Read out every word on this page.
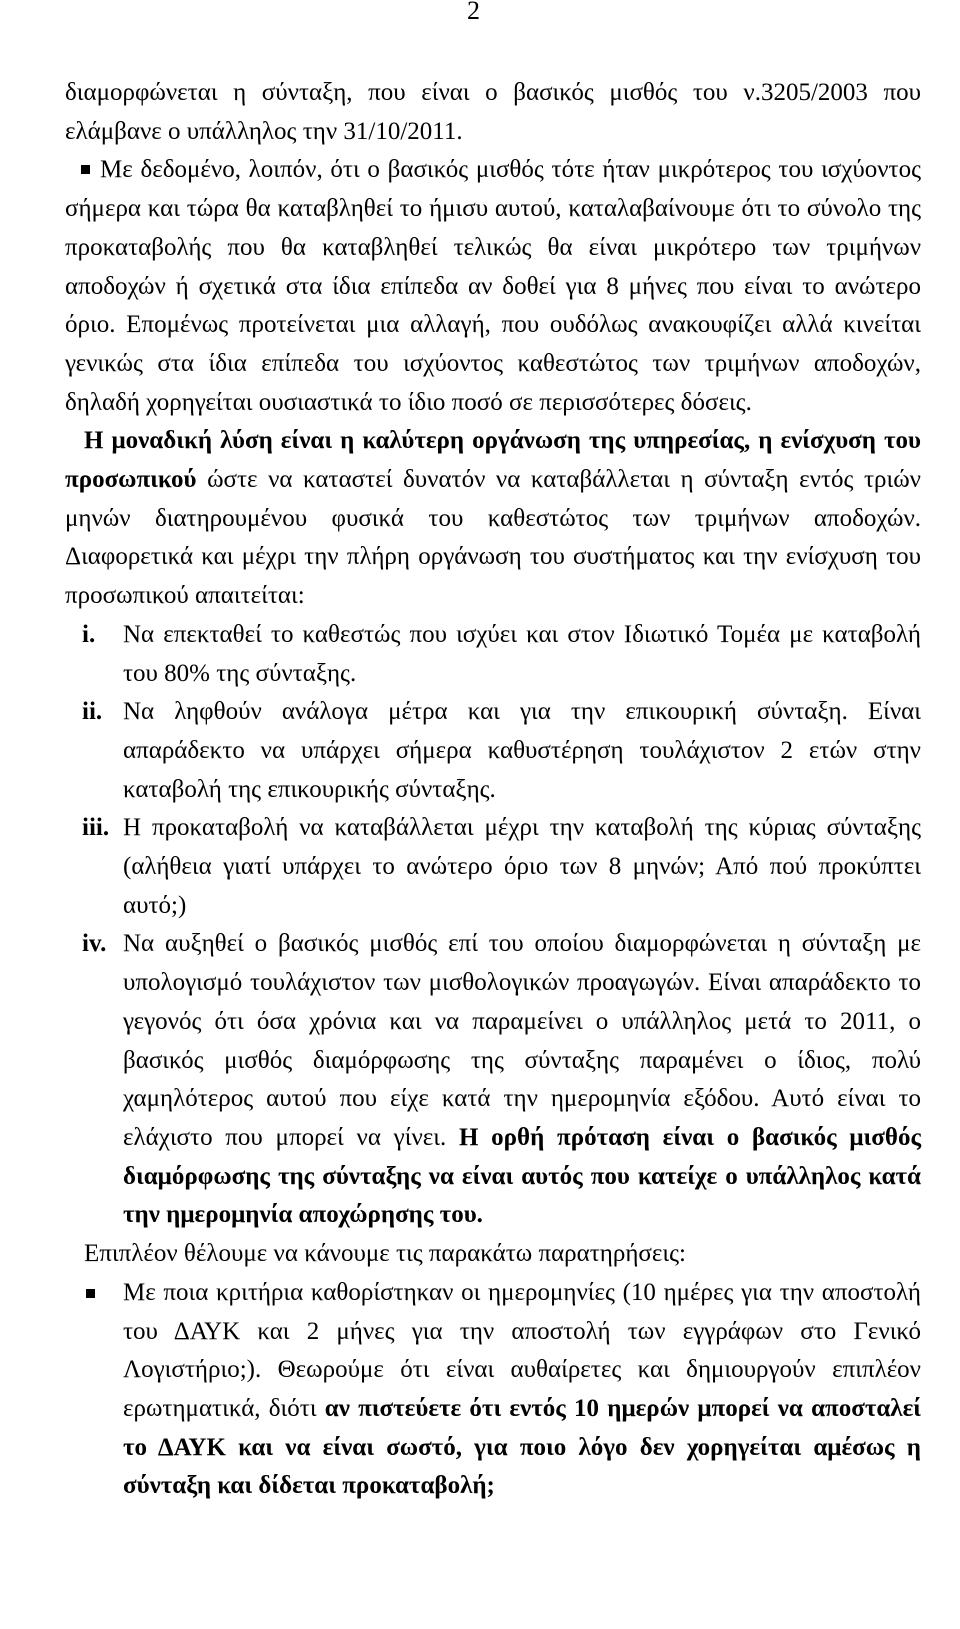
2

διαμορφώνεται η σύνταξη, που είναι ο βασικός μισθός του ν.3205/2003 που ελάμβανε ο υπάλληλος την 31/10/2011.

Με δεδομένο, λοιπόν, ότι ο βασικός μισθός τότε ήταν μικρότερος του ισχύοντος σήμερα και τώρα θα καταβληθεί το ήμισυ αυτού, καταλαβαίνουμε ότι το σύνολο της προκαταβολής που θα καταβληθεί τελικώς θα είναι μικρότερο των τριμήνων αποδοχών ή σχετικά στα ίδια επίπεδα αν δοθεί για 8 μήνες που είναι το ανώτερο όριο. Επομένως προτείνεται μια αλλαγή, που ουδόλως ανακουφίζει αλλά κινείται γενικώς στα ίδια επίπεδα του ισχύοντος καθεστώτος των τριμήνων αποδοχών, δηλαδή χορηγείται ουσιαστικά το ίδιο ποσό σε περισσότερες δόσεις.

Η μοναδική λύση είναι η καλύτερη οργάνωση της υπηρεσίας, η ενίσχυση του προσωπικού ώστε να καταστεί δυνατόν να καταβάλλεται η σύνταξη εντός τριών μηνών διατηρουμένου φυσικά του καθεστώτος των τριμήνων αποδοχών. Διαφορετικά και μέχρι την πλήρη οργάνωση του συστήματος και την ενίσχυση του προσωπικού απαιτείται:

i. Να επεκταθεί το καθεστώς που ισχύει και στον Ιδιωτικό Τομέα με καταβολή του 80% της σύνταξης.
ii. Να ληφθούν ανάλογα μέτρα και για την επικουρική σύνταξη. Είναι απαράδεκτο να υπάρχει σήμερα καθυστέρηση τουλάχιστον 2 ετών στην καταβολή της επικουρικής σύνταξης.
iii. Η προκαταβολή να καταβάλλεται μέχρι την καταβολή της κύριας σύνταξης (αλήθεια γιατί υπάρχει το ανώτερο όριο των 8 μηνών; Από πού προκύπτει αυτό;)
iv. Να αυξηθεί ο βασικός μισθός επί του οποίου διαμορφώνεται η σύνταξη με υπολογισμό τουλάχιστον των μισθολογικών προαγωγών. Είναι απαράδεκτο το γεγονός ότι όσα χρόνια και να παραμείνει ο υπάλληλος μετά το 2011, ο βασικός μισθός διαμόρφωσης της σύνταξης παραμένει ο ίδιος, πολύ χαμηλότερος αυτού που είχε κατά την ημερομηνία εξόδου. Αυτό είναι το ελάχιστο που μπορεί να γίνει. Η ορθή πρόταση είναι ο βασικός μισθός διαμόρφωσης της σύνταξης να είναι αυτός που κατείχε ο υπάλληλος κατά την ημερομηνία αποχώρησης του.

Επιπλέον θέλουμε να κάνουμε τις παρακάτω παρατηρήσεις:

Με ποια κριτήρια καθορίστηκαν οι ημερομηνίες (10 ημέρες για την αποστολή του ΔΑΥΚ και 2 μήνες για την αποστολή των εγγράφων στο Γενικό Λογιστήριο;). Θεωρούμε ότι είναι αυθαίρετες και δημιουργούν επιπλέον ερωτηματικά, διότι αν πιστεύετε ότι εντός 10 ημερών μπορεί να αποσταλεί το ΔΑΥΚ και να είναι σωστό, για ποιο λόγο δεν χορηγείται αμέσως η σύνταξη και δίδεται προκαταβολή;
